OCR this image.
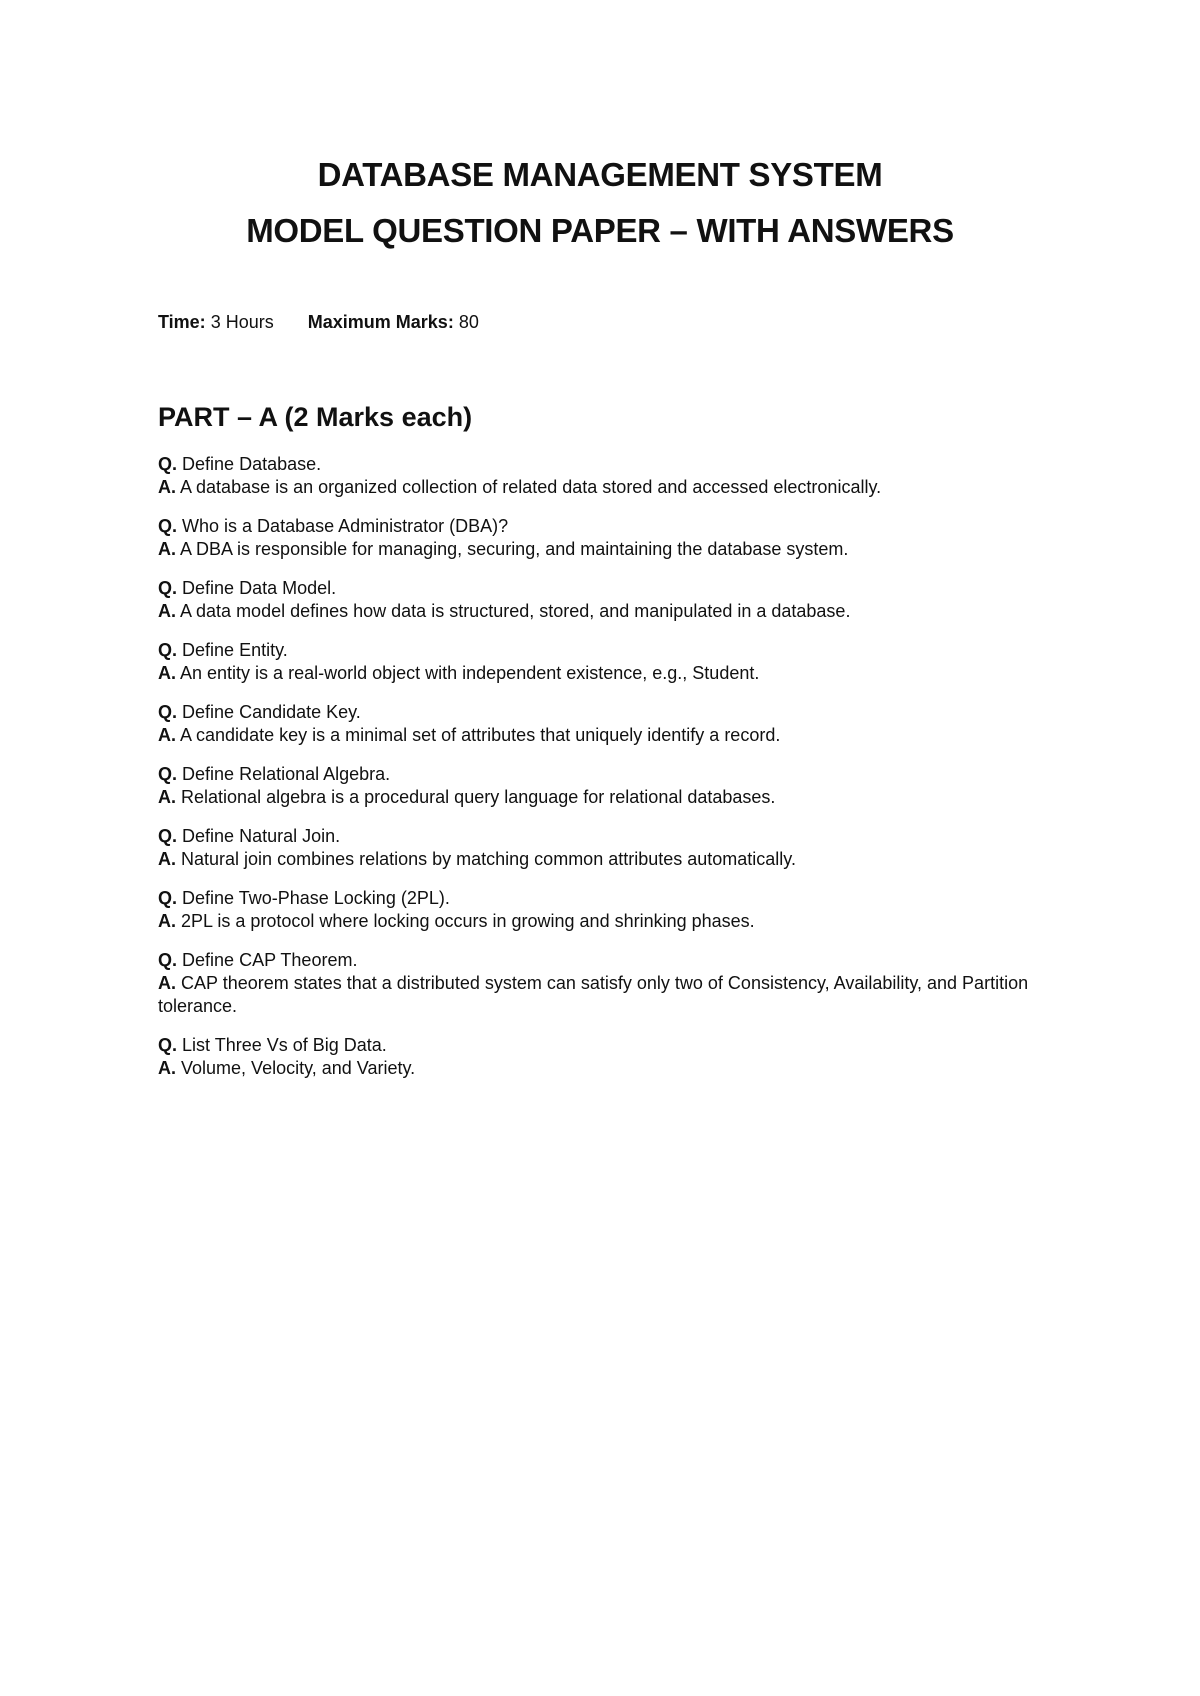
DATABASE MANAGEMENT SYSTEM
MODEL QUESTION PAPER – WITH ANSWERS
Time: 3 Hours Maximum Marks: 80
PART – A (2 Marks each)

Q. Define Database.

A. A database is an organized collection of related data stored and accessed electronically.

Q. Who is a Database Administrator (DBA)?

A. A DBA is responsible for managing, securing, and maintaining the database system.

Q. Define Data Model.

A. A data model defines how data is structured, stored, and manipulated in a database.

Q. Define Entity.

A. An entity is a real-world object with independent existence, e.g., Student.

Q. Define Candidate Key.

A. A candidate key is a minimal set of attributes that uniquely identify a record.

Q. Define Relational Algebra.

A. Relational algebra is a procedural query language for relational databases.

Q. Define Natural Join.

A. Natural join combines relations by matching common attributes automatically.

Q. Define Two-Phase Locking (2PL).

A. 2PL is a protocol where locking occurs in growing and shrinking phases.

Q. Define CAP Theorem.

A. CAP theorem states that a distributed system can satisfy only two of Consistency, Availability, and Partition tolerance.

Q. List Three Vs of Big Data.

A. Volume, Velocity, and Variety.
